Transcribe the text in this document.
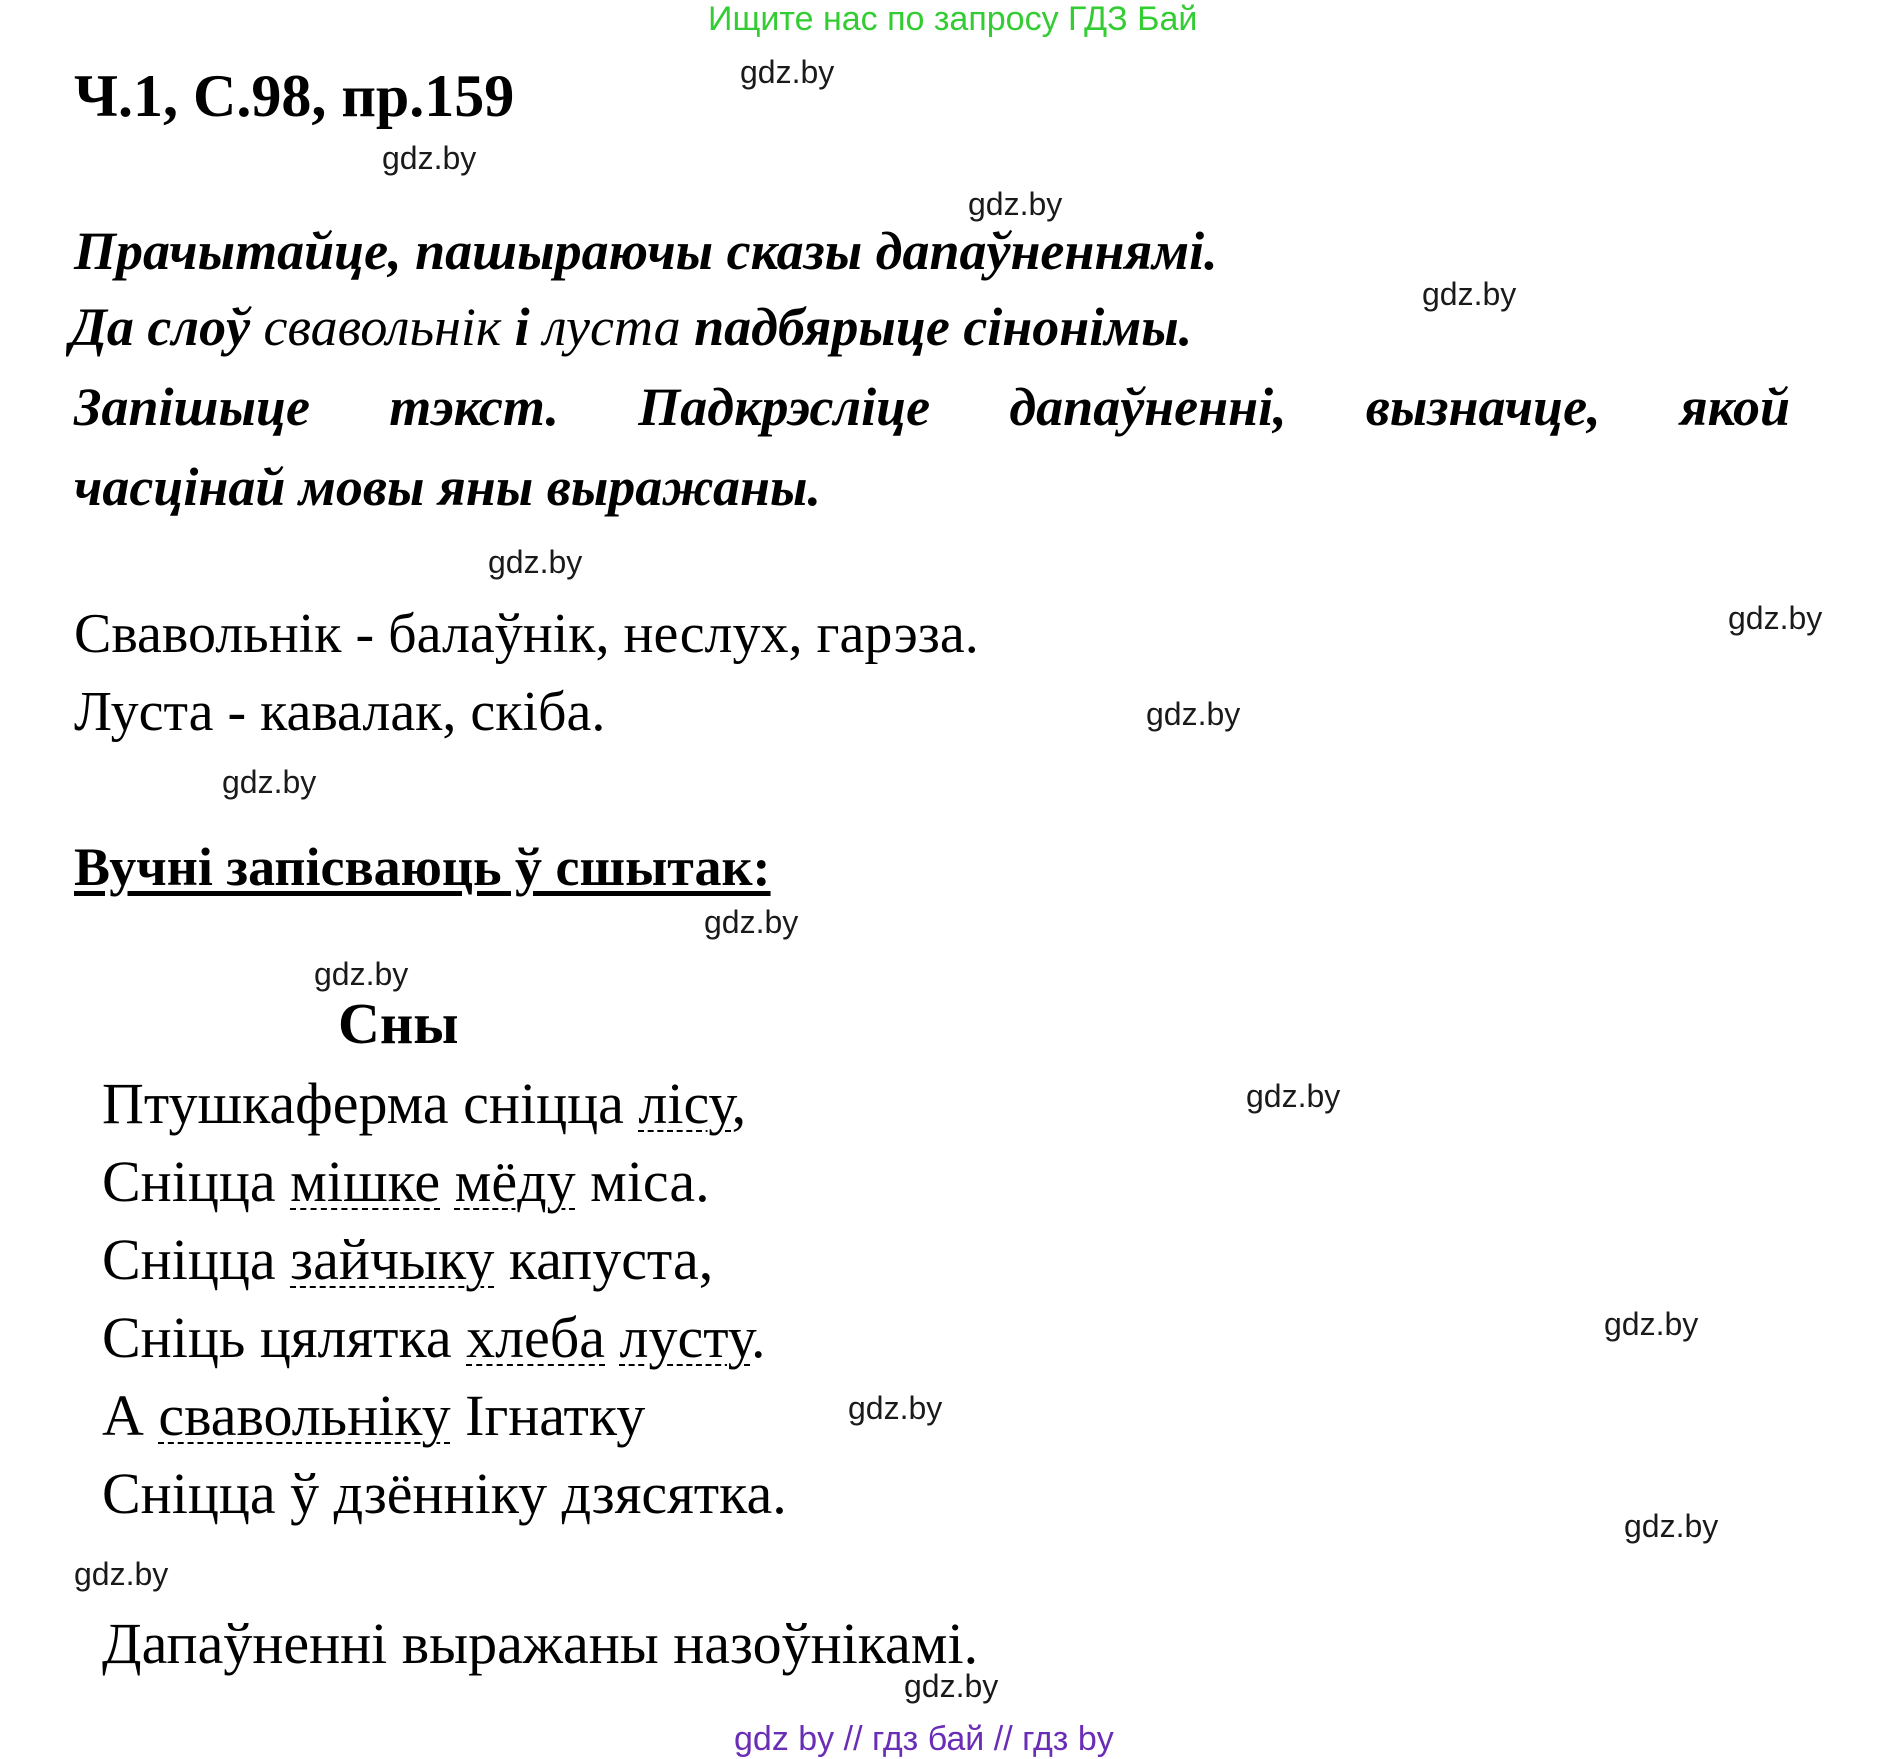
Ищите нас по запросу ГДЗ Бай
Ч.1, С.98, пр.159
Прачытайце, пашыраючы сказы дапаўненнямі.
Да слоў свавольнік і луста падбярыце сінонімы.
Запішыце тэкст. Падкрэсліце дапаўненні, вызначце, якой
часцінай мовы яны выражаны.
Свавольнік - балаўнік, неслух, гарэза.
Луста - кавалак, скіба.
Вучні запісваюць ў сшытак:
Сны
Птушкаферма сніцца лісу,
Сніцца мішке мёду міса.
Сніцца зайчыку капуста,
Сніць цялятка хлеба лусту.
А свавольніку Ігнатку
Сніцца ў дзённіку дзясятка.
Дапаўненні выражаны назоўнікамі.
gdz.by
gdz.by
gdz.by
gdz.by
gdz.by
gdz.by
gdz.by
gdz.by
gdz.by
gdz.by
gdz.by
gdz.by
gdz.by
gdz.by
gdz.by
gdz.by
gdz by // гдз бай // гдз by
